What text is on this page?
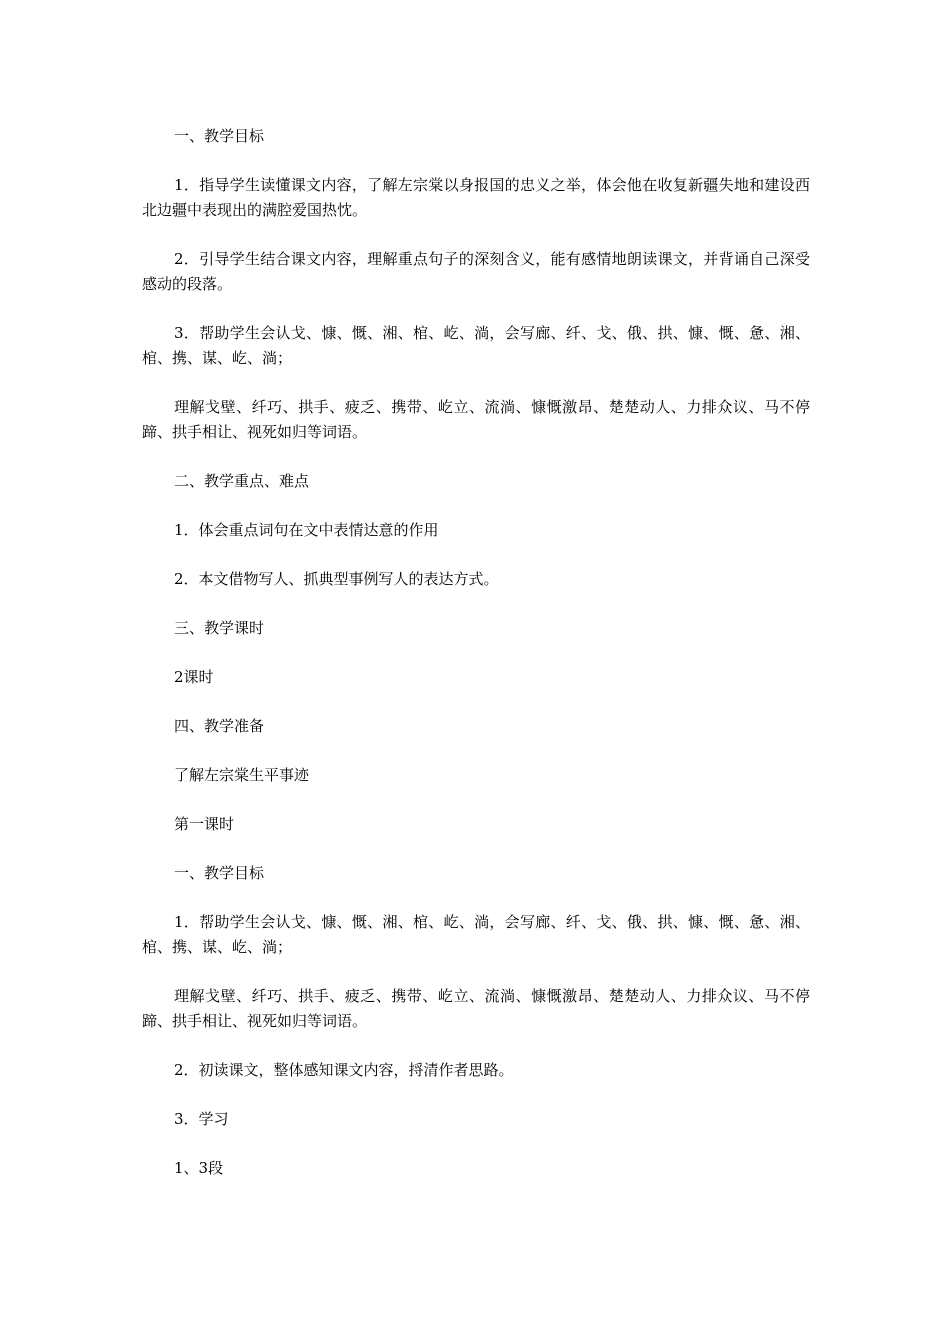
一、教学目标

1．指导学生读懂课文内容，了解左宗棠以身报国的忠义之举，体会他在收复新疆失地和建设西北边疆中表现出的满腔爱国热忱。

2．引导学生结合课文内容，理解重点句子的深刻含义，能有感情地朗读课文，并背诵自己深受感动的段落。

3．帮助学生会认戈、慷、慨、湘、棺、屹、淌，会写廊、纤、戈、俄、拱、慷、慨、惫、湘、棺、携、谋、屹、淌；

理解戈壁、纤巧、拱手、疲乏、携带、屹立、流淌、慷慨激昂、楚楚动人、力排众议、马不停蹄、拱手相让、视死如归等词语。

二、教学重点、难点

1．体会重点词句在文中表情达意的作用

2．本文借物写人、抓典型事例写人的表达方式。

三、教学课时

2课时

四、教学准备

了解左宗棠生平事迹

第一课时

一、教学目标

1．帮助学生会认戈、慷、慨、湘、棺、屹、淌，会写廊、纤、戈、俄、拱、慷、慨、惫、湘、棺、携、谋、屹、淌；

理解戈壁、纤巧、拱手、疲乏、携带、屹立、流淌、慷慨激昂、楚楚动人、力排众议、马不停蹄、拱手相让、视死如归等词语。

2．初读课文，整体感知课文内容，捋清作者思路。

3．学习

1、3段
